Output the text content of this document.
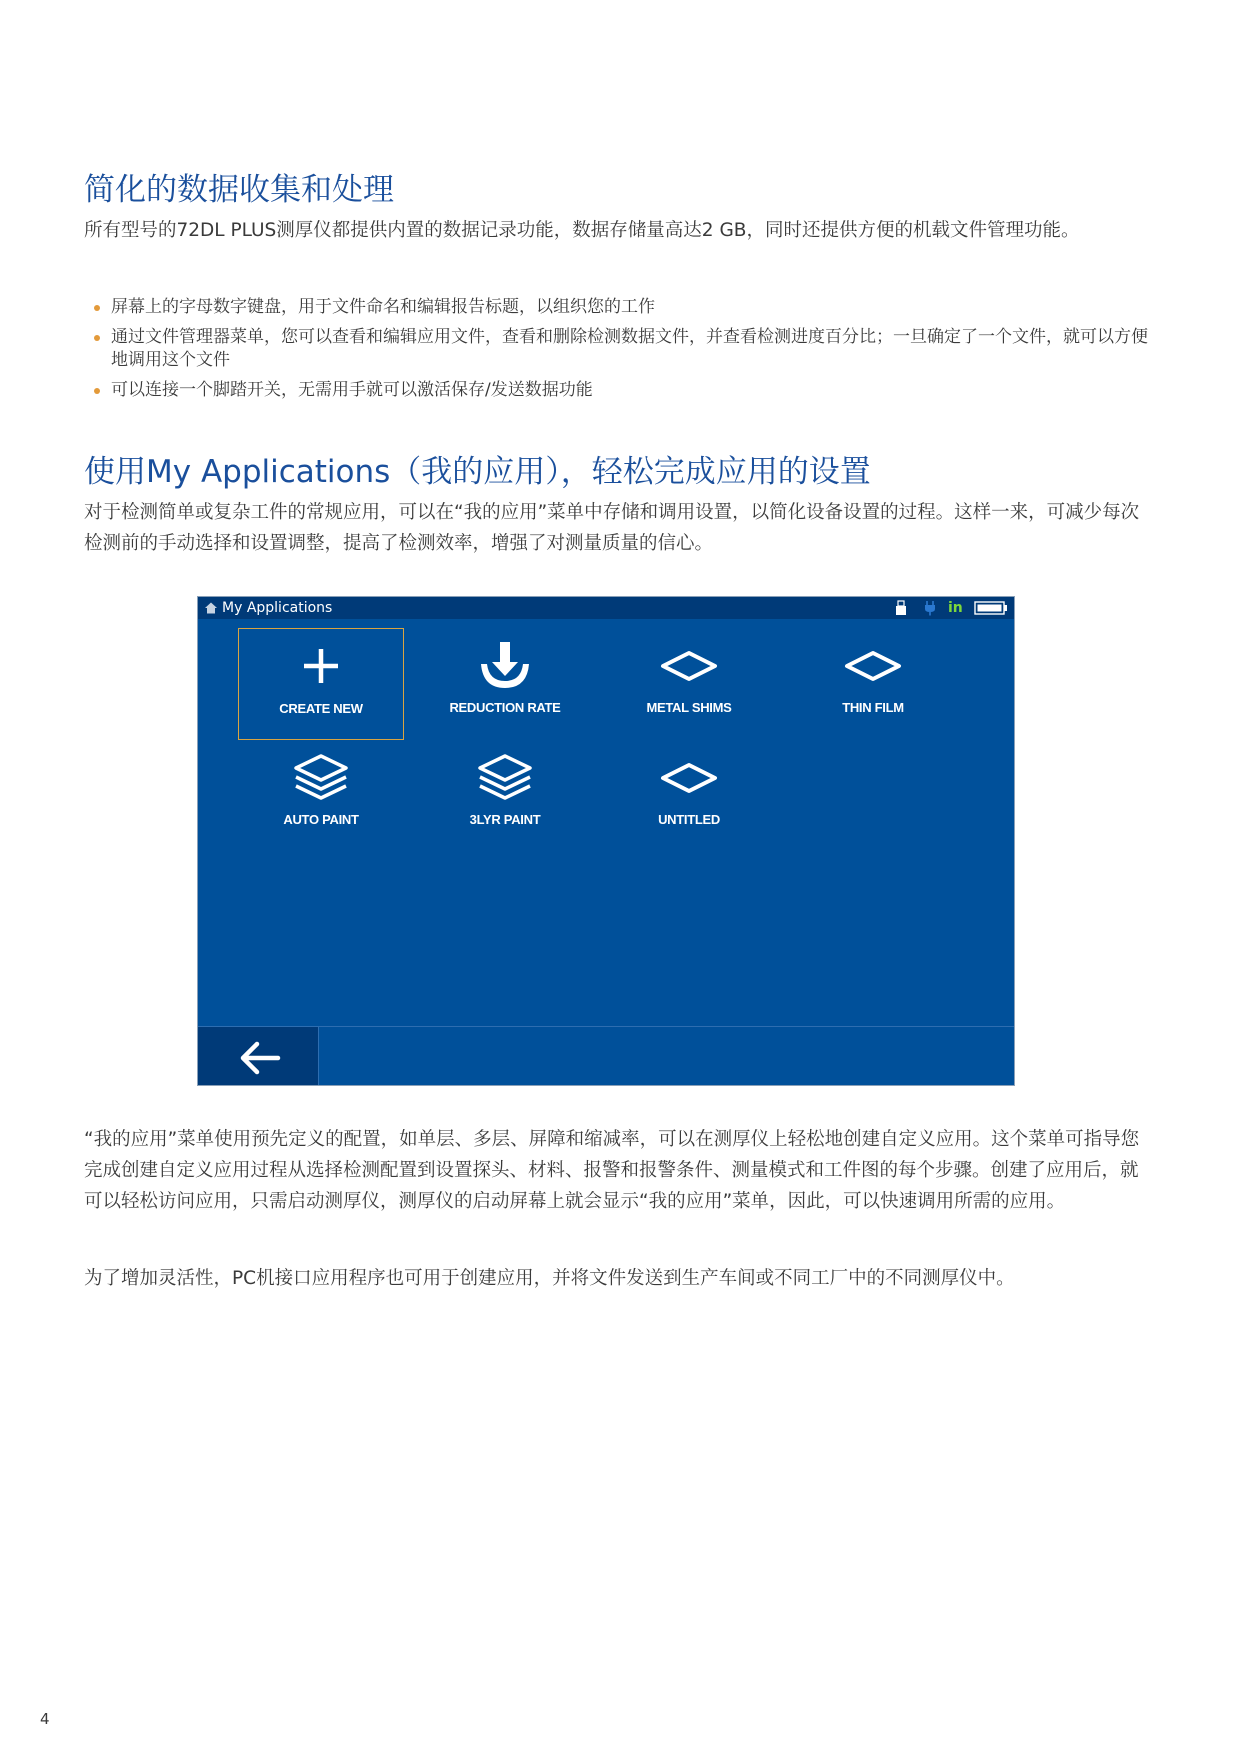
简化的数据收集和处理

所有型号的72DL PLUS测厚仪都提供内置的数据记录功能，数据存储量高达2 GB，同时还提供方便的机载文件管理功能。

屏幕上的字母数字键盘，用于文件命名和编辑报告标题，以组织您的工作
通过文件管理器菜单，您可以查看和编辑应用文件，查看和删除检测数据文件，并查看检测进度百分比；一旦确定了一个文件，就可以方便地调用这个文件
可以连接一个脚踏开关，无需用手就可以激活保存/发送数据功能
使用My Applications（我的应用），轻松完成应用的设置

对于检测简单或复杂工件的常规应用，可以在“我的应用”菜单中存储和调用设置，以简化设备设置的过程。这样一来，可减少每次检测前的手动选择和设置调整，提高了检测效率，增强了对测量质量的信心。

My Applications	in
CREATE NEW	REDUCTION RATE	METAL SHIMS	THIN FILM
AUTO PAINT	3LYR PAINT	UNTITLED

“我的应用”菜单使用预先定义的配置，如单层、多层、屏障和缩减率，可以在测厚仪上轻松地创建自定义应用。这个菜单可指导您完成创建自定义应用过程从选择检测配置到设置探头、材料、报警和报警条件、测量模式和工件图的每个步骤。创建了应用后，就可以轻松访问应用，只需启动测厚仪，测厚仪的启动屏幕上就会显示“我的应用”菜单，因此，可以快速调用所需的应用。

为了增加灵活性，PC机接口应用程序也可用于创建应用，并将文件发送到生产车间或不同工厂中的不同测厚仪中。

4
